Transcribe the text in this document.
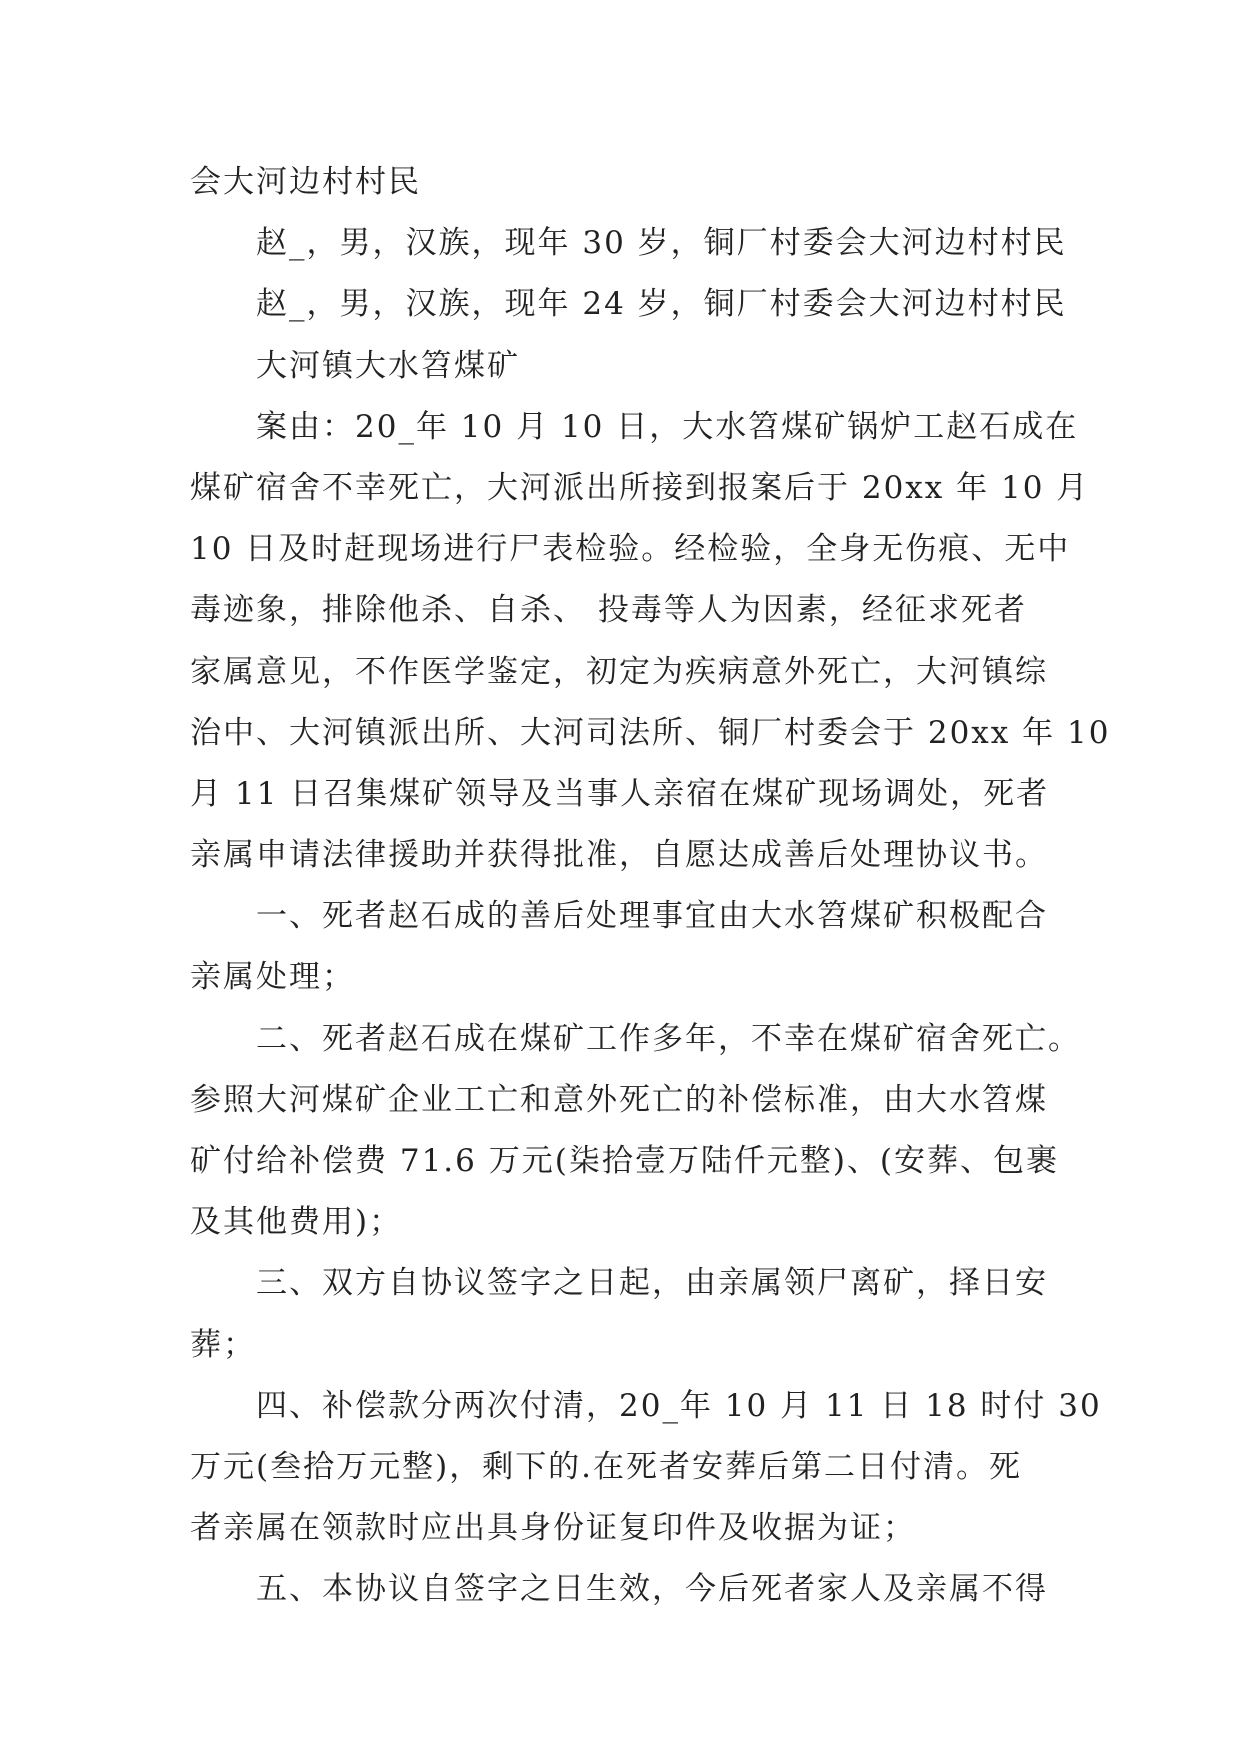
会大河边村村民
赵_，男，汉族，现年 30 岁，铜厂村委会大河边村村民
赵_，男，汉族，现年 24 岁，铜厂村委会大河边村村民
大河镇大水笤煤矿
案由：20_年 10 月 10 日，大水笤煤矿锅炉工赵石成在
煤矿宿舍不幸死亡，大河派出所接到报案后于 20xx 年 10 月
10 日及时赶现场进行尸表检验。经检验，全身无伤痕、无中
毒迹象，排除他杀、自杀、 投毒等人为因素，经征求死者
家属意见，不作医学鉴定，初定为疾病意外死亡，大河镇综
治中、大河镇派出所、大河司法所、铜厂村委会于 20xx 年 10
月 11 日召集煤矿领导及当事人亲宿在煤矿现场调处，死者
亲属申请法律援助并获得批准，自愿达成善后处理协议书。
一、死者赵石成的善后处理事宜由大水笤煤矿积极配合
亲属处理；
二、死者赵石成在煤矿工作多年，不幸在煤矿宿舍死亡。
参照大河煤矿企业工亡和意外死亡的补偿标准，由大水笤煤
矿付给补偿费 71.6 万元(柒拾壹万陆仟元整)、(安葬、包裹
及其他费用)；
三、双方自协议签字之日起，由亲属领尸离矿，择日安
葬；
四、补偿款分两次付清，20_年 10 月 11 日 18 时付 30
万元(叁拾万元整)，剩下的.在死者安葬后第二日付清。死
者亲属在领款时应出具身份证复印件及收据为证；
五、本协议自签字之日生效，今后死者家人及亲属不得
